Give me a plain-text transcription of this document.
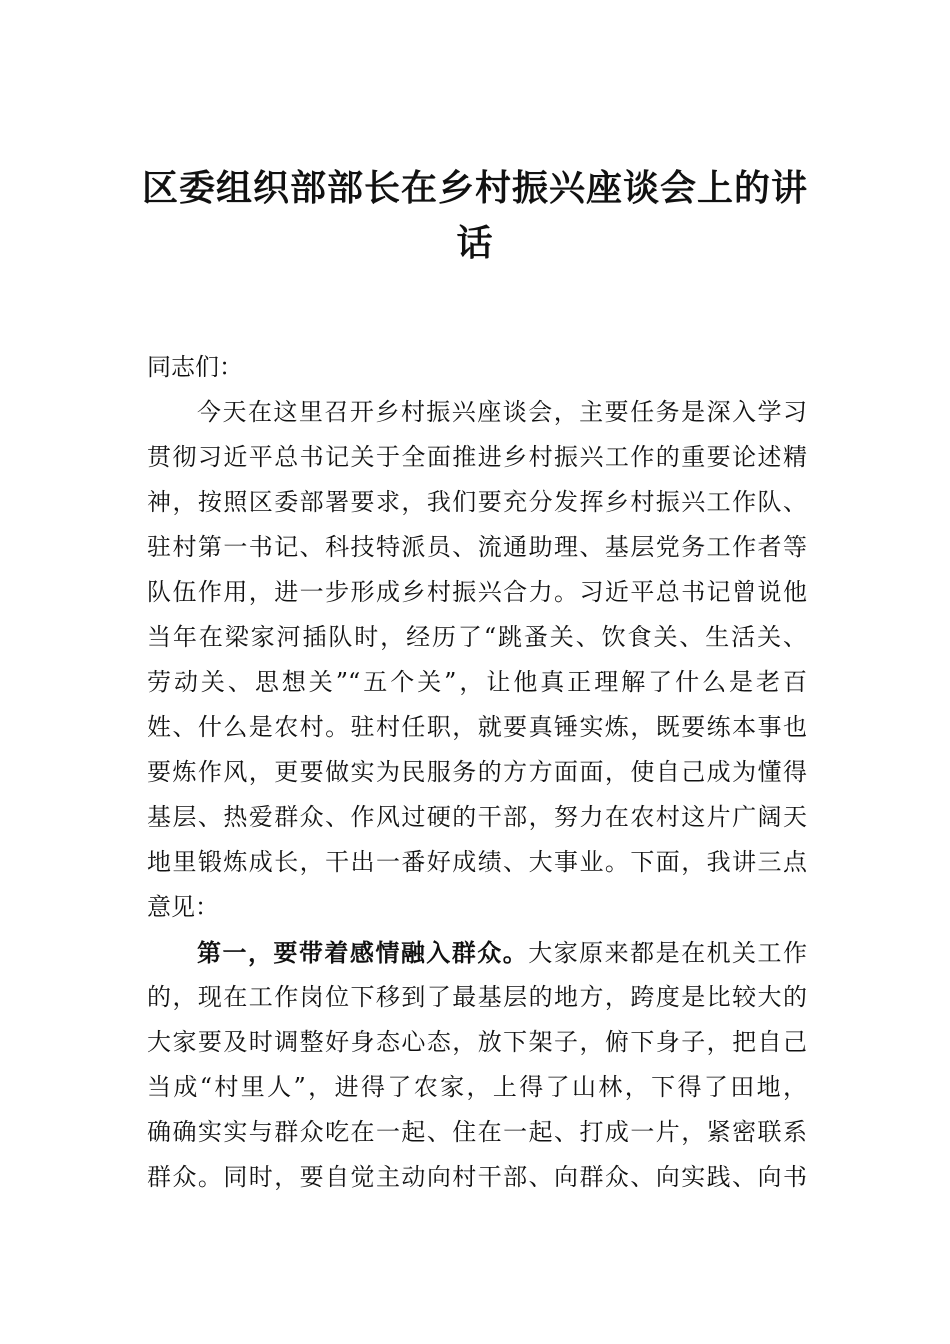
区委组织部部长在乡村振兴座谈会上的讲
话
同志们：
今天在这里召开乡村振兴座谈会，主要任务是深入学习
贯彻习近平总书记关于全面推进乡村振兴工作的重要论述精
神，按照区委部署要求，我们要充分发挥乡村振兴工作队、
驻村第一书记、科技特派员、流通助理、基层党务工作者等
队伍作用，进一步形成乡村振兴合力。习近平总书记曾说他
当年在梁家河插队时，经历了“跳蚤关、饮食关、生活关、
劳动关、思想关”“五个关”，让他真正理解了什么是老百
姓、什么是农村。驻村任职，就要真锤实炼，既要练本事也
要炼作风，更要做实为民服务的方方面面，使自己成为懂得
基层、热爱群众、作风过硬的干部，努力在农村这片广阔天
地里锻炼成长，干出一番好成绩、大事业。下面，我讲三点
意见：
第一，要带着感情融入群众。大家原来都是在机关工作
的，现在工作岗位下移到了最基层的地方，跨度是比较大的
大家要及时调整好身态心态，放下架子，俯下身子，把自己
当成“村里人”，进得了农家，上得了山林，下得了田地，
确确实实与群众吃在一起、住在一起、打成一片，紧密联系
群众。同时，要自觉主动向村干部、向群众、向实践、向书
